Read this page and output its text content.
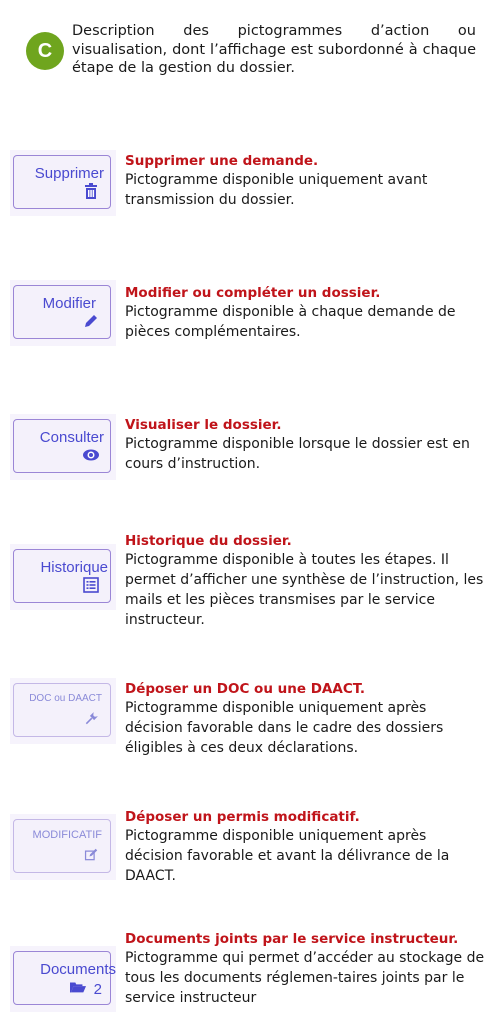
C
Description des pictogrammes d’action ou visualisation, dont l’affichage est subordonné à chaque étape de la gestion du dossier.
Supprimer
Supprimer une demande.
Pictogramme disponible uniquement avant transmission du dossier.
Modifier
Modifier ou compléter un dossier.
Pictogramme disponible à chaque demande de pièces complémentaires.
Consulter
Visualiser le dossier.
Pictogramme disponible lorsque le dossier est en cours d’instruction.
Historique
Historique du dossier.
Pictogramme disponible à toutes les étapes. Il permet d’afficher une synthèse de l’instruction, les mails et les pièces transmises par le service instructeur.
DOC ou DAACT
Déposer un DOC ou une DAACT.
Pictogramme disponible uniquement après décision favorable dans le cadre des dossiers éligibles à ces deux déclarations.
MODIFICATIF
Déposer un permis modificatif.
Pictogramme disponible uniquement après décision favorable et avant la délivrance de la DAACT.
Documents
2
Documents joints par le service instructeur.
Pictogramme qui permet d’accéder au stockage de tous les documents réglemen-taires joints par le service instructeur
